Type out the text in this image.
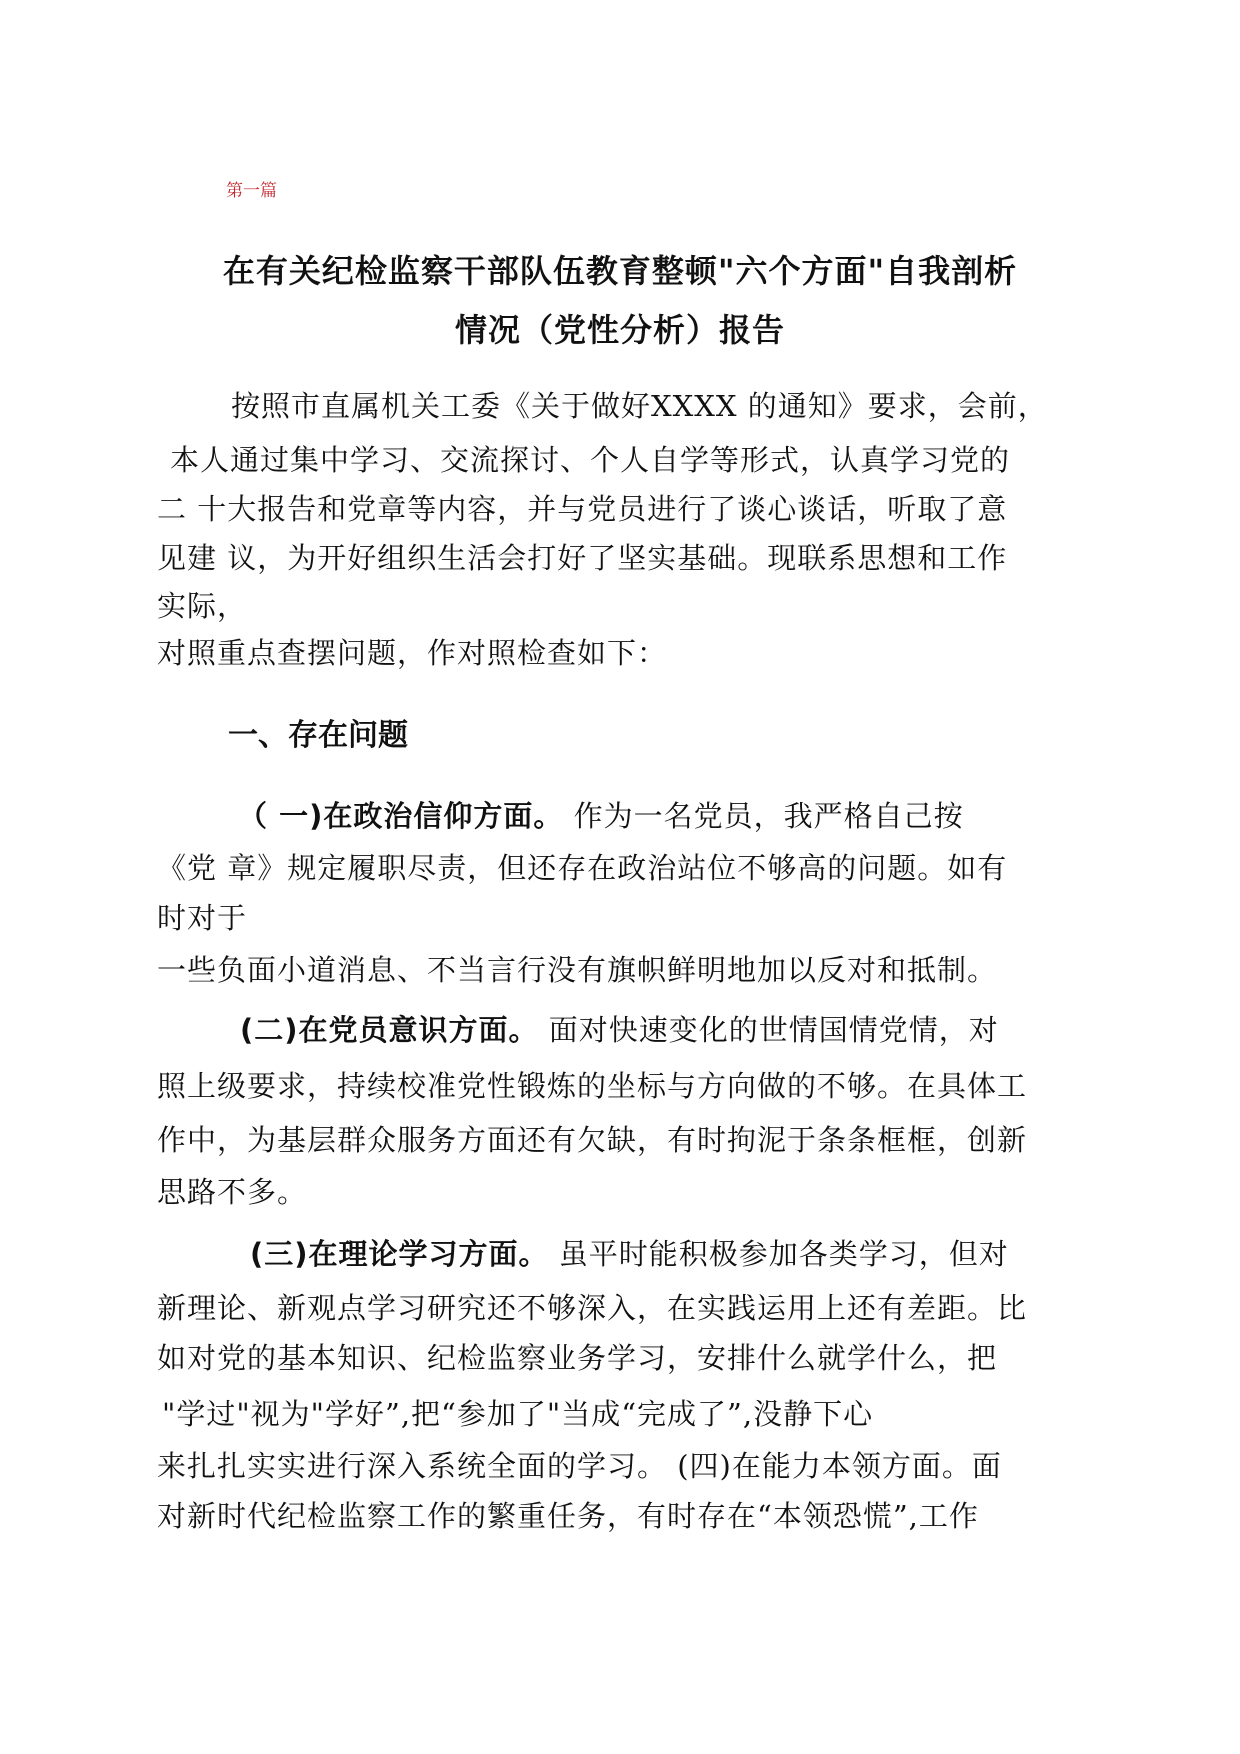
第一篇
在有关纪检监察干部队伍教育整顿"六个方面"自我剖析
情况（党性分析）报告
按照市直属机关工委《关于做好XXXX 的通知》要求，会前，
本人通过集中学习、交流探讨、个人自学等形式，认真学习党的
二 十大报告和党章等内容，并与党员进行了谈心谈话，听取了意
见建 议，为开好组织生活会打好了坚实基础。现联系思想和工作
实际，
对照重点查摆问题，作对照检查如下：
一、存在问题
（ 一)在政治信仰方面。 作为一名党员，我严格自己按
《党 章》规定履职尽责，但还存在政治站位不够高的问题。如有
时对于
一些负面小道消息、不当言行没有旗帜鲜明地加以反对和抵制。
(二)在党员意识方面。 面对快速变化的世情国情党情，对
照上级要求，持续校准党性锻炼的坐标与方向做的不够。在具体工
作中，为基层群众服务方面还有欠缺，有时拘泥于条条框框，创新
思路不多。
(三)在理论学习方面。 虽平时能积极参加各类学习，但对
新理论、新观点学习研究还不够深入，在实践运用上还有差距。比
如对党的基本知识、纪检监察业务学习，安排什么就学什么，把
"学过"视为"学好”,把“参加了"当成“完成了”,没静下心
来扎扎实实进行深入系统全面的学习。 (四)在能力本领方面。面
对新时代纪检监察工作的繁重任务，有时存在“本领恐慌”,工作
